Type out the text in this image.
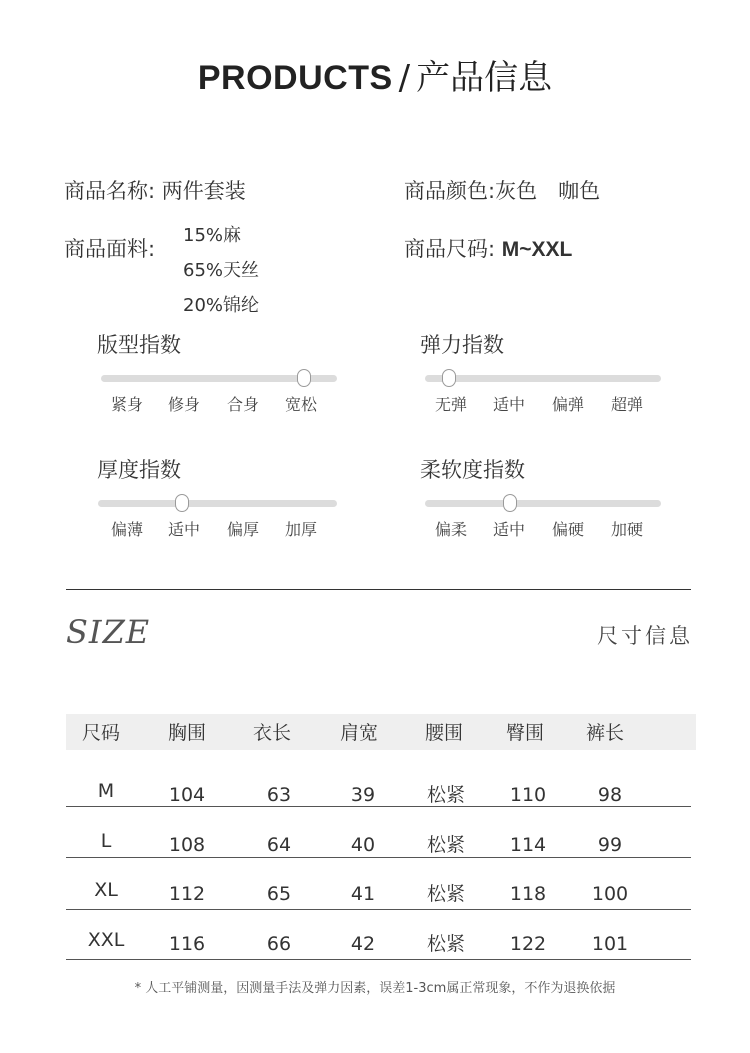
PRODUCTS / 产品信息
商品名称: 两件套装	商品颜色:灰色　咖色
商品面料:
15%麻
65%天丝
20%锦纶
商品尺码: M~XXL
版型指数
紧身	修身	合身	宽松
弹力指数
无弹	适中	偏弹	超弹
厚度指数
偏薄	适中	偏厚	加厚
柔软度指数
偏柔	适中	偏硬	加硬
SIZE	尺寸信息
尺码	胸围	衣长	肩宽	腰围	臀围	裤长
M	104	63	39	松紧	110	98
L	108	64	40	松紧	114	99
XL	112	65	41	松紧	118	100
XXL	116	66	42	松紧	122	101
* 人工平铺测量，因测量手法及弹力因素，误差1-3cm属正常现象，不作为退换依据
